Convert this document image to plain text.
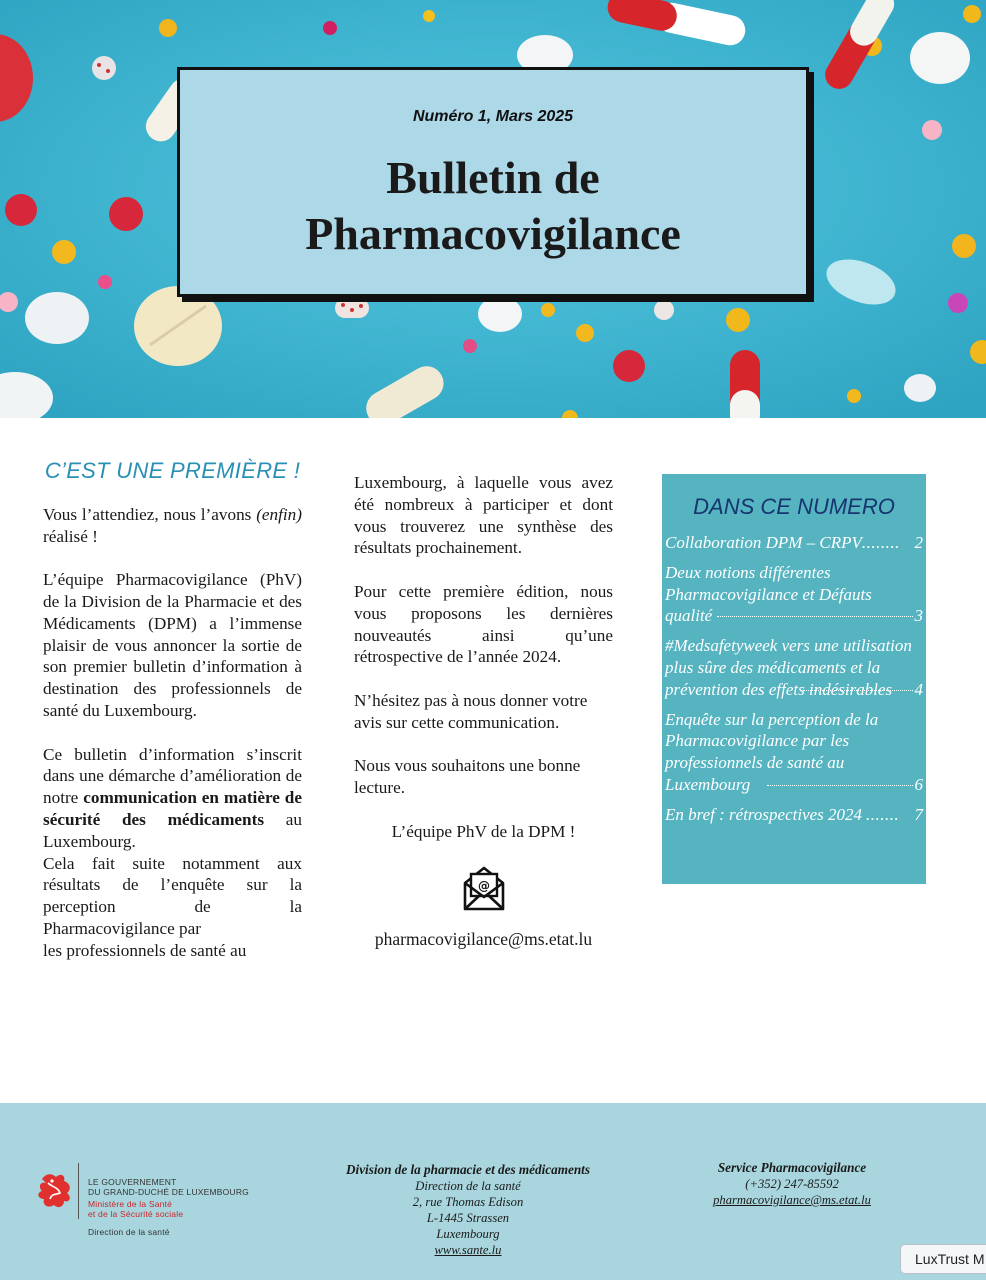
Numéro 1, Mars 2025
Bulletin de
Pharmacovigilance
C’EST UNE PREMIÈRE !

Vous l’attendiez, nous l’avons (enfin) réalisé !

L’équipe Pharmacovigilance (PhV) de la Division de la Pharmacie et des Médicaments (DPM) a l’immense plaisir de vous annoncer la sortie de son premier bulletin d’information à destination des professionnels de santé du Luxembourg.

Ce bulletin d’information s’inscrit dans une démarche d’amélioration de notre communication en matière de sécurité des médicaments au Luxembourg.

Cela fait suite notamment aux résultats de l’enquête sur la perception de la
Pharmacovigilance par
les professionnels de santé au

Luxembourg, à laquelle vous avez été nombreux à participer et dont vous trouverez une synthèse des résultats prochainement.

Pour cette première édition, nous vous proposons les dernières nouveautés ainsi qu’une rétrospective de l’année 2024.

N’hésitez pas à nous donner votre avis sur cette communication.

Nous vous souhaitons une bonne lecture.

L’équipe PhV de la DPM !
@
pharmacovigilance@ms.etat.lu
DANS CE NUMERO
Collaboration DPM – CRPV ........ 2
Deux notions différentes Pharmacovigilance et Défauts qualité	3
#Medsafetyweek vers une utilisation plus sûre des médicaments et la prévention des effets indésirables	4
Enquête sur la perception de la Pharmacovigilance par les professionnels de santé au Luxembourg	6
En bref : rétrospectives 2024 ....... 7
LE GOUVERNEMENT
DU GRAND-DUCHÉ DE LUXEMBOURG
Ministère de la Santé
et de la Sécurité sociale
Direction de la santé
Division de la pharmacie et des médicaments
Direction de la santé
2, rue Thomas Edison
L-1445 Strassen
Luxembourg
www.sante.lu
Service Pharmacovigilance
(+352) 247-85592
pharmacovigilance@ms.etat.lu
LuxTrust M
